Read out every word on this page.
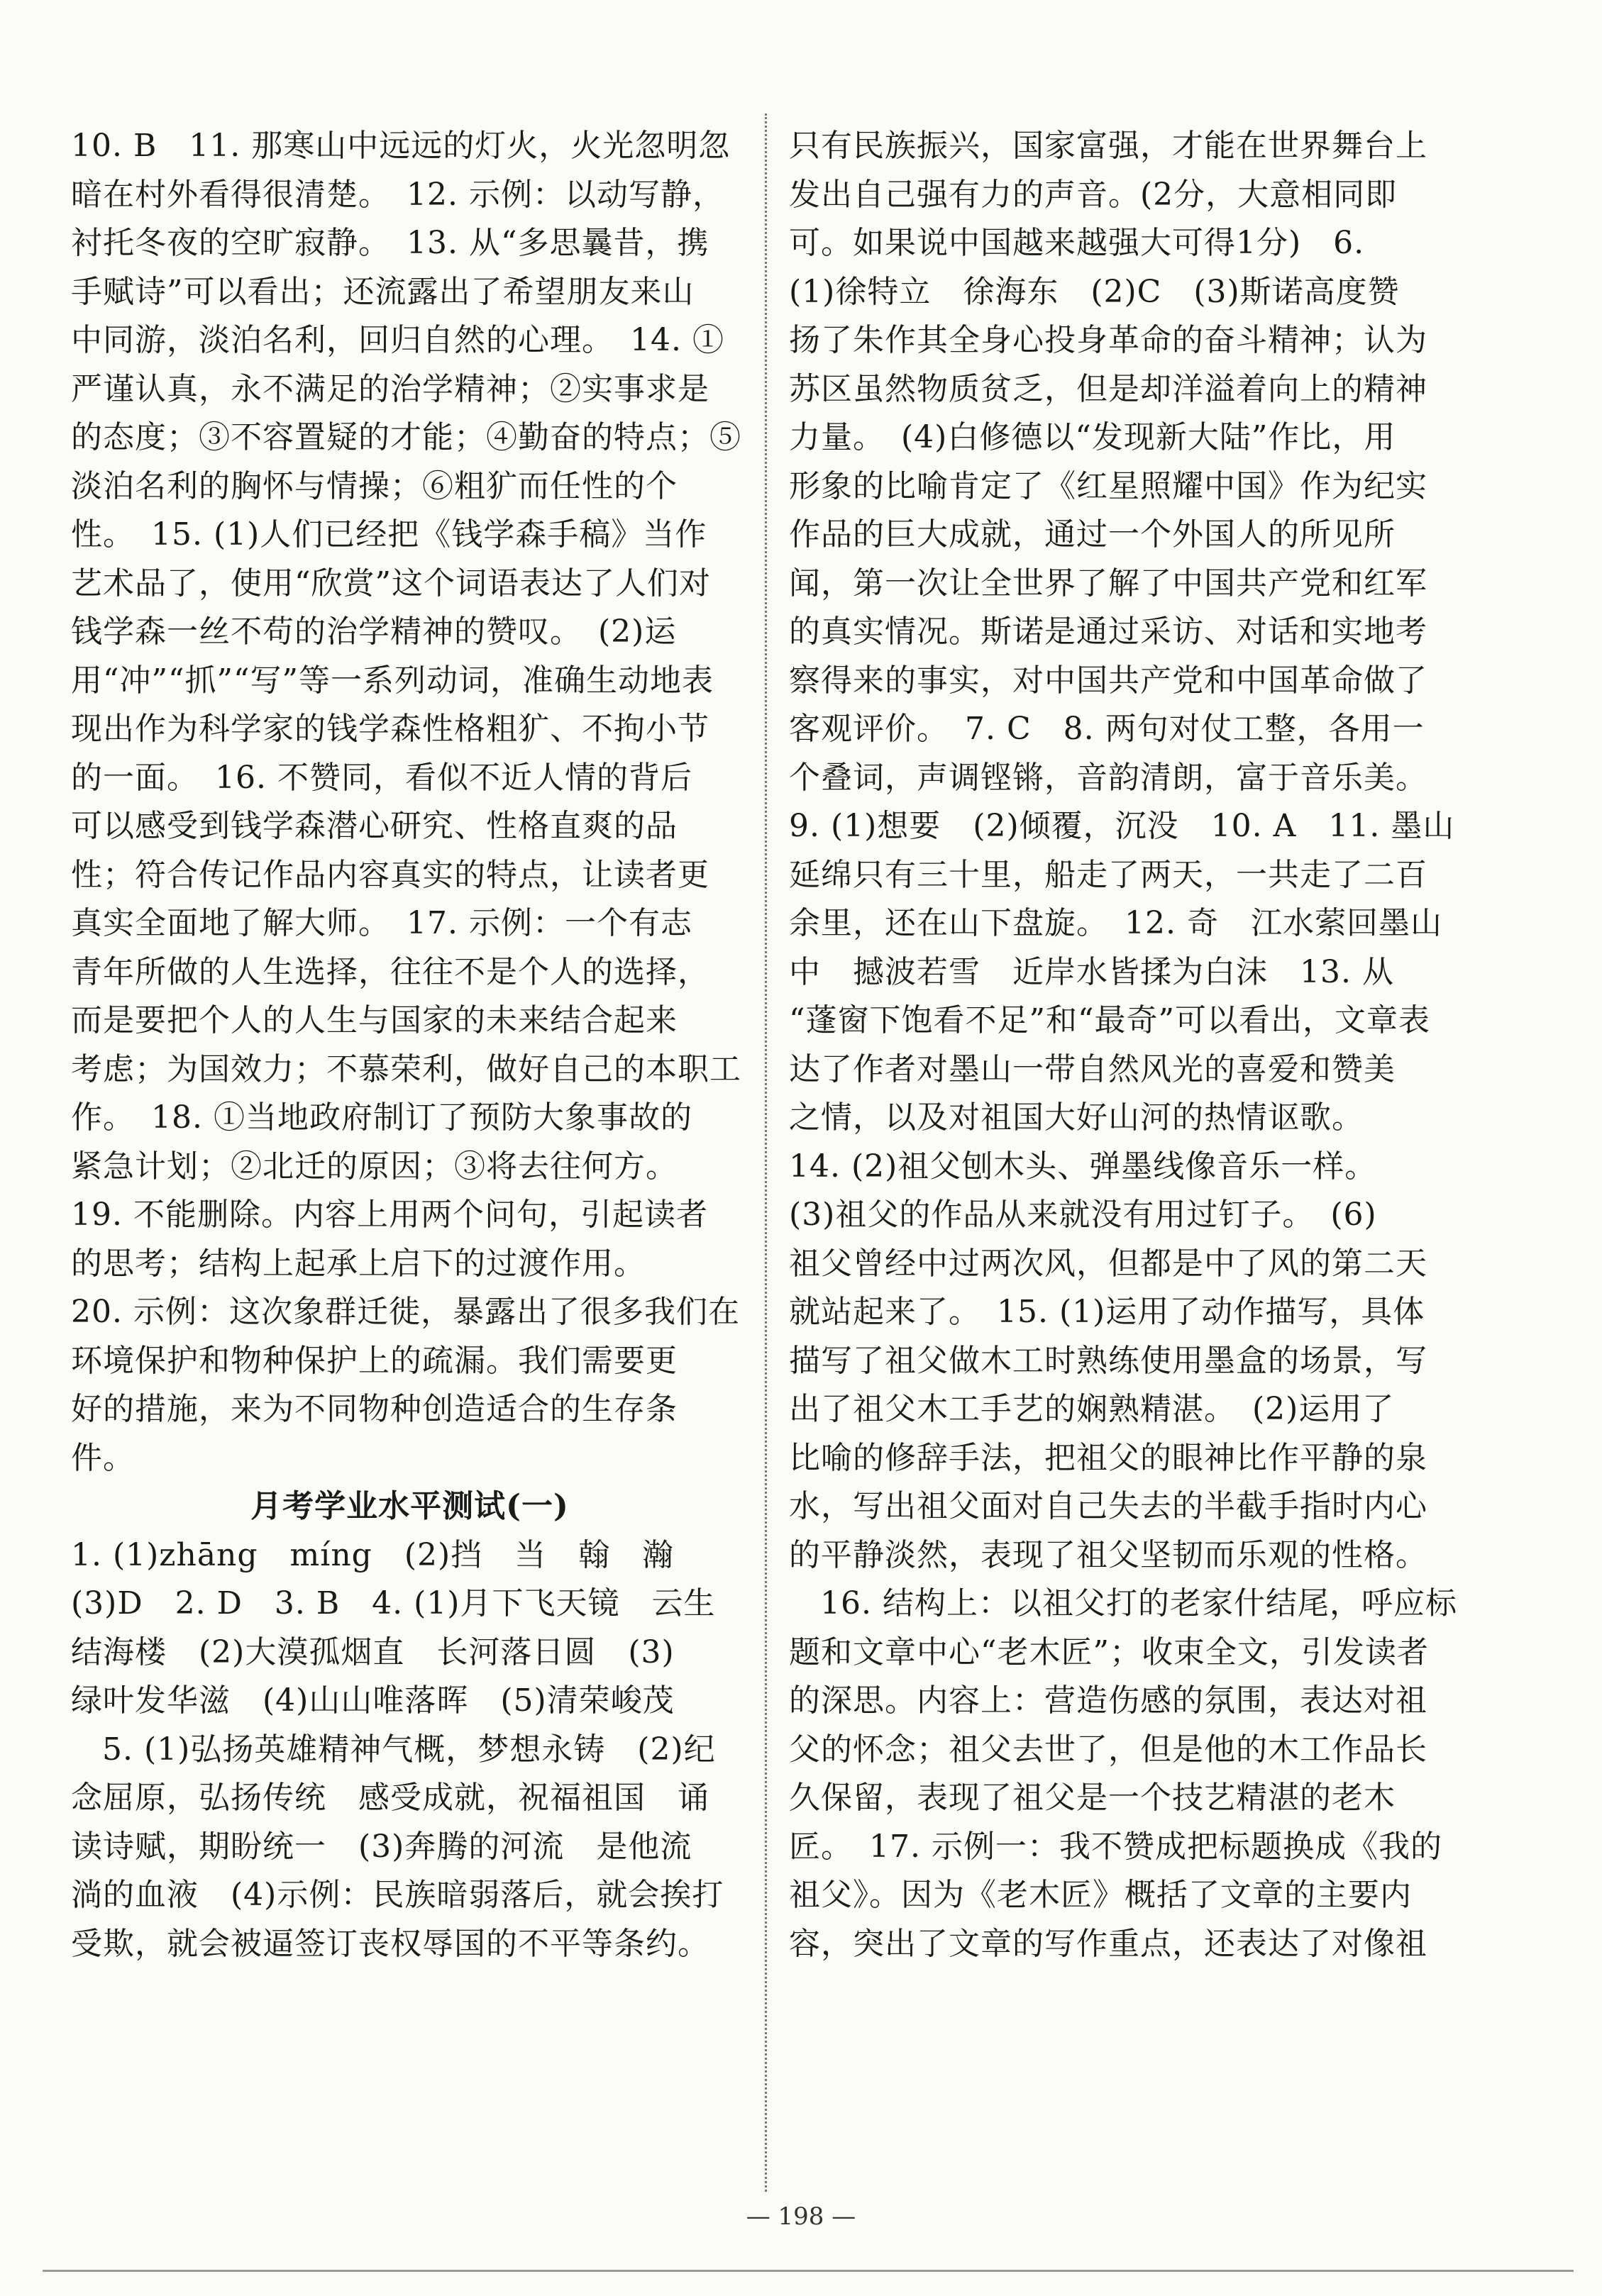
10. B　11. 那寒山中远远的灯火，火光忽明忽
暗在村外看得很清楚。　12. 示例：以动写静，
衬托冬夜的空旷寂静。　13. 从“多思曩昔，携
手赋诗”可以看出；还流露出了希望朋友来山
中同游，淡泊名利，回归自然的心理。　14. ①
严谨认真，永不满足的治学精神；②实事求是
的态度；③不容置疑的才能；④勤奋的特点；⑤
淡泊名利的胸怀与情操；⑥粗犷而任性的个
性。　15. (1)人们已经把《钱学森手稿》当作
艺术品了，使用“欣赏”这个词语表达了人们对
钱学森一丝不苟的治学精神的赞叹。　(2)运
用“冲”“抓”“写”等一系列动词，准确生动地表
现出作为科学家的钱学森性格粗犷、不拘小节
的一面。　16. 不赞同，看似不近人情的背后
可以感受到钱学森潜心研究、性格直爽的品
性；符合传记作品内容真实的特点，让读者更
真实全面地了解大师。　17. 示例：一个有志
青年所做的人生选择，往往不是个人的选择，
而是要把个人的人生与国家的未来结合起来
考虑；为国效力；不慕荣利，做好自己的本职工
作。　18. ①当地政府制订了预防大象事故的
紧急计划；②北迁的原因；③将去往何方。
19. 不能删除。内容上用两个问句，引起读者
的思考；结构上起承上启下的过渡作用。
20. 示例：这次象群迁徙，暴露出了很多我们在
环境保护和物种保护上的疏漏。我们需要更
好的措施，来为不同物种创造适合的生存条
件。
月考学业水平测试(一)
1. (1)zhāng　míng　(2)挡　当　翰　瀚
(3)D　2. D　3. B　4. (1)月下飞天镜　云生
结海楼　(2)大漠孤烟直　长河落日圆　(3)
绿叶发华滋　(4)山山唯落晖　(5)清荣峻茂
5. (1)弘扬英雄精神气概，梦想永铸　(2)纪
念屈原，弘扬传统　感受成就，祝福祖国　诵
读诗赋，期盼统一　(3)奔腾的河流　是他流
淌的血液　(4)示例：民族暗弱落后，就会挨打
受欺，就会被逼签订丧权辱国的不平等条约。
只有民族振兴，国家富强，才能在世界舞台上
发出自己强有力的声音。(2分，大意相同即
可。如果说中国越来越强大可得1分)　6.
(1)徐特立　徐海东　(2)C　(3)斯诺高度赞
扬了朱作其全身心投身革命的奋斗精神；认为
苏区虽然物质贫乏，但是却洋溢着向上的精神
力量。　(4)白修德以“发现新大陆”作比，用
形象的比喻肯定了《红星照耀中国》作为纪实
作品的巨大成就，通过一个外国人的所见所
闻，第一次让全世界了解了中国共产党和红军
的真实情况。斯诺是通过采访、对话和实地考
察得来的事实，对中国共产党和中国革命做了
客观评价。　7. C　8. 两句对仗工整，各用一
个叠词，声调铿锵，音韵清朗，富于音乐美。
9. (1)想要　(2)倾覆，沉没　10. A　11. 墨山
延绵只有三十里，船走了两天，一共走了二百
余里，还在山下盘旋。　12. 奇　江水萦回墨山
中　撼波若雪　近岸水皆揉为白沫　13. 从
“蓬窗下饱看不足”和“最奇”可以看出，文章表
达了作者对墨山一带自然风光的喜爱和赞美
之情，以及对祖国大好山河的热情讴歌。
14. (2)祖父刨木头、弹墨线像音乐一样。
(3)祖父的作品从来就没有用过钉子。　(6)
祖父曾经中过两次风，但都是中了风的第二天
就站起来了。　15. (1)运用了动作描写，具体
描写了祖父做木工时熟练使用墨盒的场景，写
出了祖父木工手艺的娴熟精湛。　(2)运用了
比喻的修辞手法，把祖父的眼神比作平静的泉
水，写出祖父面对自己失去的半截手指时内心
的平静淡然，表现了祖父坚韧而乐观的性格。
16. 结构上：以祖父打的老家什结尾，呼应标
题和文章中心“老木匠”；收束全文，引发读者
的深思。内容上：营造伤感的氛围，表达对祖
父的怀念；祖父去世了，但是他的木工作品长
久保留，表现了祖父是一个技艺精湛的老木
匠。　17. 示例一：我不赞成把标题换成《我的
祖父》。因为《老木匠》概括了文章的主要内
容，突出了文章的写作重点，还表达了对像祖
— 198 —
